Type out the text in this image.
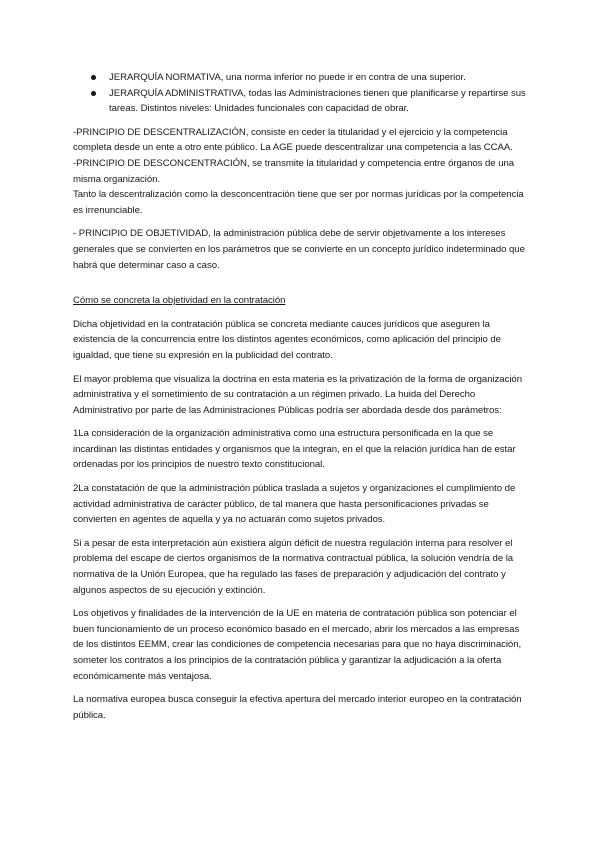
JERARQUÍA NORMATIVA, una norma inferior no puede ir en contra de una superior.
JERARQUÍA ADMINISTRATIVA, todas las Administraciones tienen que planificarse y repartirse sus tareas. Distintos niveles: Unidades funcionales con capacidad de obrar.

-PRINCIPIO DE DESCENTRALIZACIÓN, consiste en ceder la titularidad y el ejercicio y la competencia completa desde un ente a otro ente público. La AGE puede descentralizar una competencia a las CCAA.

-PRINCIPIO DE DESCONCENTRACIÓN, se transmite la titularidad y competencia entre órganos de una misma organización.

Tanto la descentralización como la desconcentración tiene que ser por normas jurídicas por la competencia es irrenunciable.

- PRINCIPIO DE OBJETIVIDAD, la administración pública debe de servir objetivamente a los intereses generales que se convierten en los parámetros que se convierte en un concepto jurídico indeterminado que habrá que determinar caso a caso.

Cómo se concreta la objetividad en la contratación

Dicha objetividad en la contratación pública se concreta mediante cauces jurídicos que aseguren la existencia de la concurrencia entre los distintos agentes económicos, como aplicación del principio de igualdad, que tiene su expresión en la publicidad del contrato.

El mayor problema que visualiza la doctrina en esta materia es la privatización de la forma de organización administrativa y el sometimiento de su contratación a un régimen privado. La huida del Derecho Administrativo por parte de las Administraciones Públicas podría ser abordada desde dos parámetros:

1La consideración de la organización administrativa como una estructura personificada en la que se incardinan las distintas entidades y organismos que la integran, en el que la relación jurídica han de estar ordenadas por los principios de nuestro texto constitucional.

2La constatación de que la administración pública traslada a sujetos y organizaciones el cumplimiento de actividad administrativa de carácter público, de tal manera que hasta personificaciones privadas se convierten en agentes de aquella y ya no actuarán como sujetos privados.

Si a pesar de esta interpretación aún existiera algún déficit de nuestra regulación interna para resolver el problema del escape de ciertos organismos de la normativa contractual pública, la solución vendría de la normativa de la Unión Europea, que ha regulado las fases de preparación y adjudicación del contrato y algunos aspectos de su ejecución y extinción.

Los objetivos y finalidades de la intervención de la UE en materia de contratación pública son potenciar el buen funcionamiento de un proceso económico basado en el mercado, abrir los mercados a las empresas de los distintos EEMM, crear las condiciones de competencia necesarias para que no haya discriminación, someter los contratos a los principios de la contratación pública y garantizar la adjudicación a la oferta económicamente más ventajosa.

La normativa europea busca conseguir la efectiva apertura del mercado interior europeo en la contratación pública.
